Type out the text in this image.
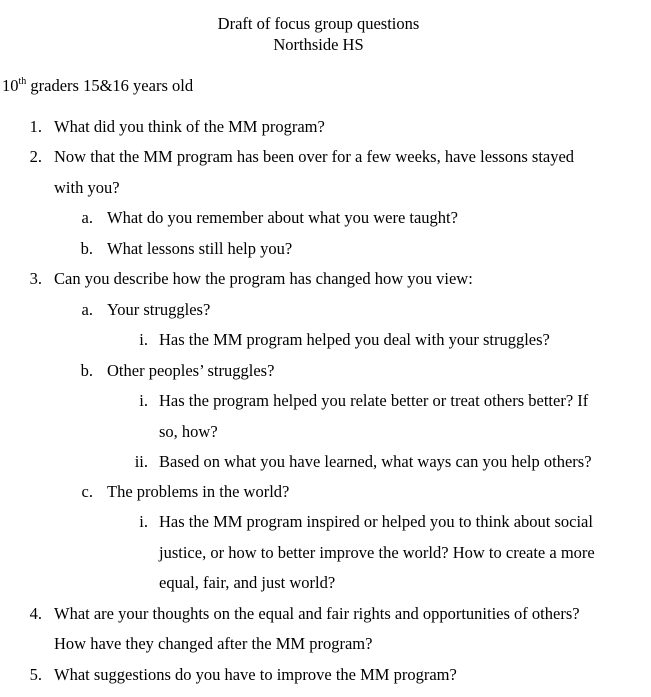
Draft of focus group questions
Northside HS
10th graders 15&16 years old
1. What did you think of the MM program?
2. Now that the MM program has been over for a few weeks, have lessons stayed
with you?
a. What do you remember about what you were taught?
b. What lessons still help you?
3. Can you describe how the program has changed how you view:
a. Your struggles?
i. Has the MM program helped you deal with your struggles?
b. Other peoples’ struggles?
i. Has the program helped you relate better or treat others better? If
so, how?
ii. Based on what you have learned, what ways can you help others?
c. The problems in the world?
i. Has the MM program inspired or helped you to think about social
justice, or how to better improve the world? How to create a more
equal, fair, and just world?
4. What are your thoughts on the equal and fair rights and opportunities of others?
How have they changed after the MM program?
5. What suggestions do you have to improve the MM program?
